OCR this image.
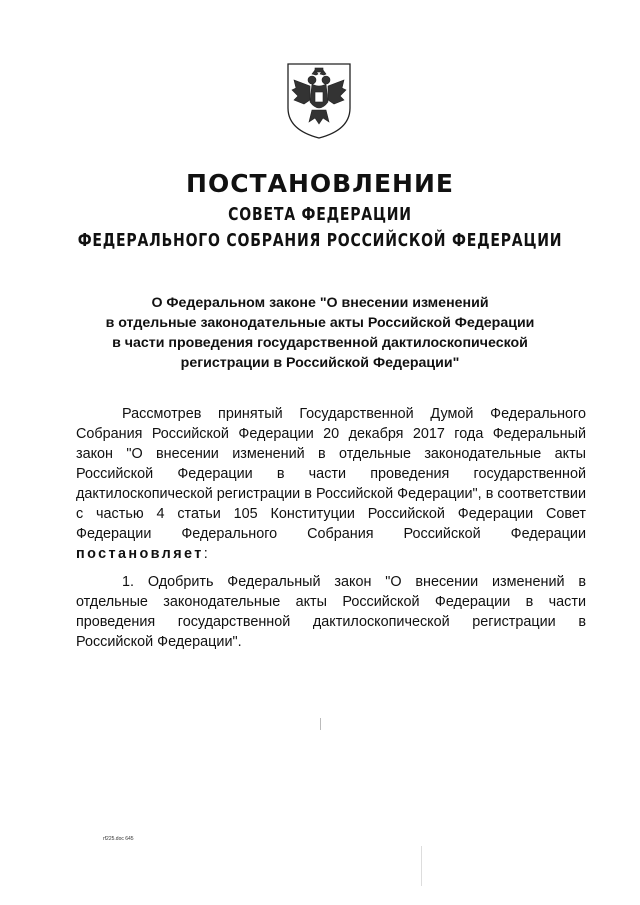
ПОСТАНОВЛЕНИЕ
СОВЕТА ФЕДЕРАЦИИ
ФЕДЕРАЛЬНОГО СОБРАНИЯ РОССИЙСКОЙ ФЕДЕРАЦИИ
О Федеральном законе "О внесении изменений
в отдельные законодательные акты Российской Федерации
в части проведения государственной дактилоскопической
регистрации в Российской Федерации"
Рассмотрев принятый Государственной Думой Федерального Собрания Российской Федерации 20 декабря 2017 года Федеральный закон "О внесении изменений в отдельные законодательные акты Российской Федерации в части проведения государственной дактилоскопической регистрации в Российской Федерации", в соответствии с частью 4 статьи 105 Конституции Российской Федерации Совет Федерации Федерального Собрания Российской Федерации постановляет:
1. Одобрить Федеральный закон "О внесении изменений в отдельные законодательные акты Российской Федерации в части проведения государственной дактилоскопической регистрации в Российской Федерации".
rf225.doc 645
